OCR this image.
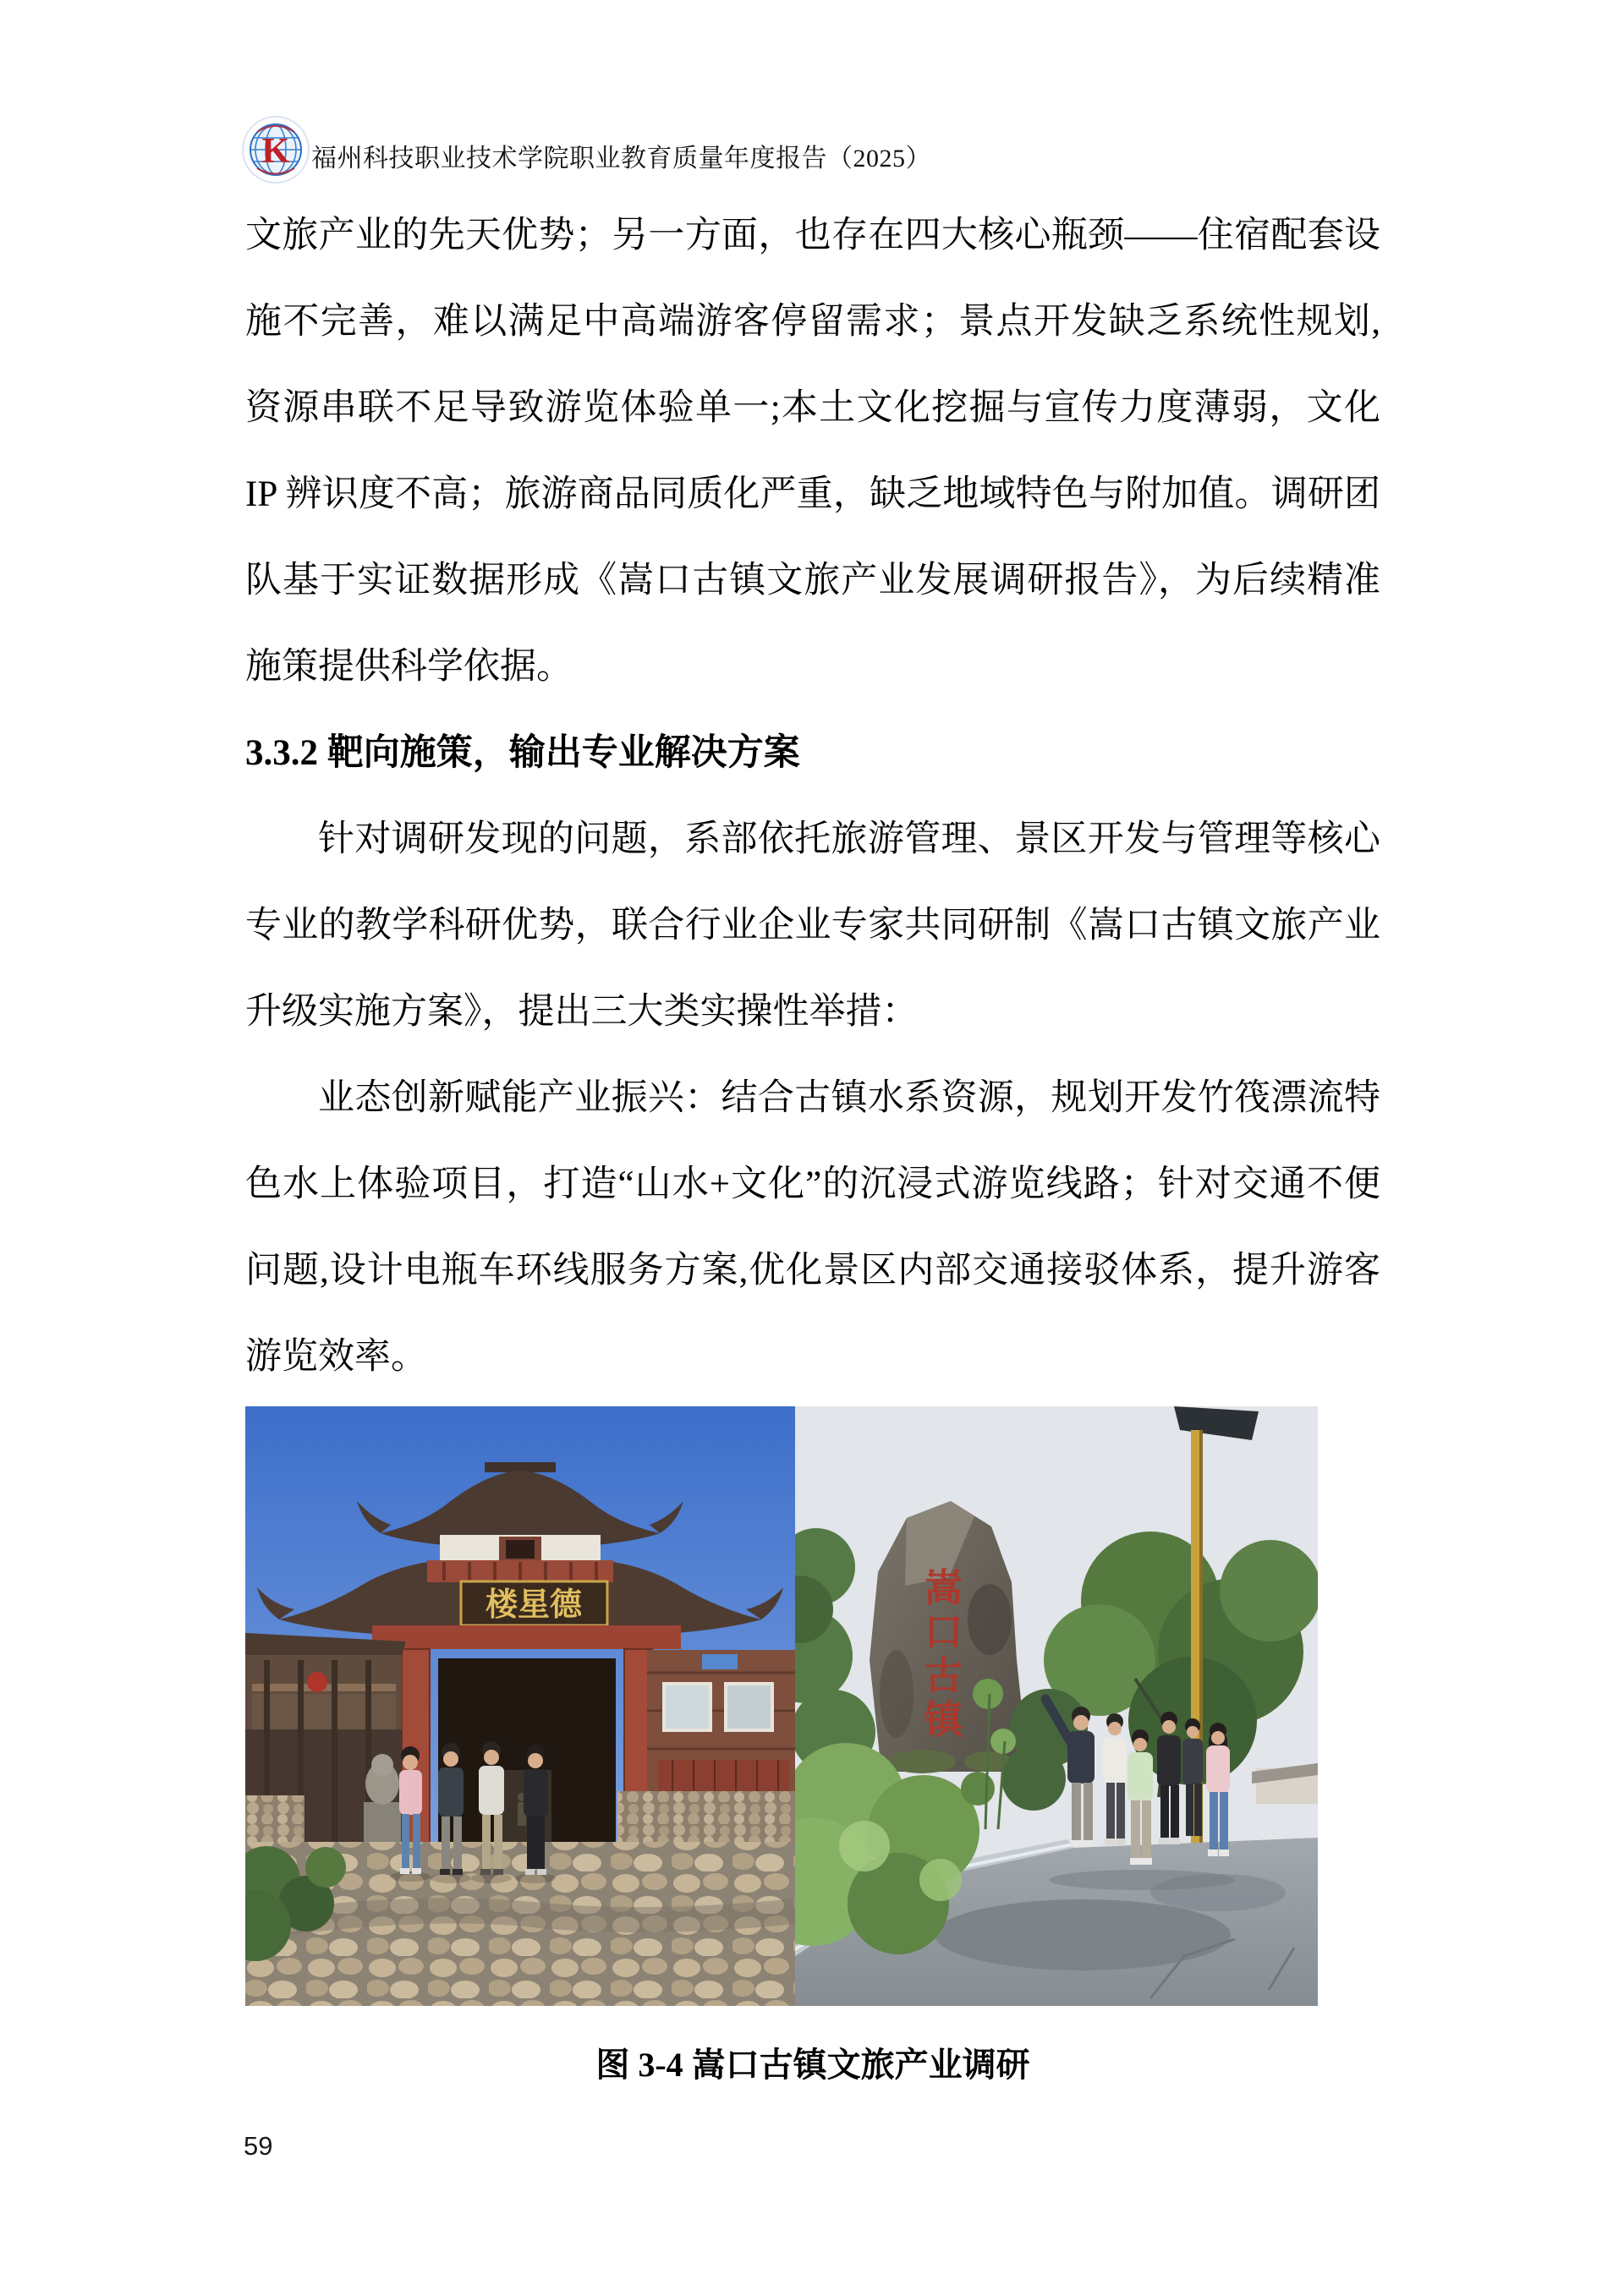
K 福州科技职业技术学院职业教育质量年度报告（2025）

文旅产业的先天优势；另一方面，也存在四大核心瓶颈——住宿配套设施不完善，难以满足中高端游客停留需求；景点开发缺乏系统性规划,资源串联不足导致游览体验单一;本土文化挖掘与宣传力度薄弱，文化 IP 辨识度不高；旅游商品同质化严重，缺乏地域特色与附加值。调研团队基于实证数据形成《嵩口古镇文旅产业发展调研报告》，为后续精准施策提供科学依据。

3.3.2 靶向施策，输出专业解决方案

针对调研发现的问题，系部依托旅游管理、景区开发与管理等核心专业的教学科研优势，联合行业企业专家共同研制《嵩口古镇文旅产业升级实施方案》，提出三大类实操性举措：

业态创新赋能产业振兴：结合古镇水系资源，规划开发竹筏漂流特色水上体验项目，打造“山水+文化”的沉浸式游览线路；针对交通不便问题,设计电瓶车环线服务方案,优化景区内部交通接驳体系，提升游客游览效率。

楼星德	嵩口古镇
图 3-4 嵩口古镇文旅产业调研
59
